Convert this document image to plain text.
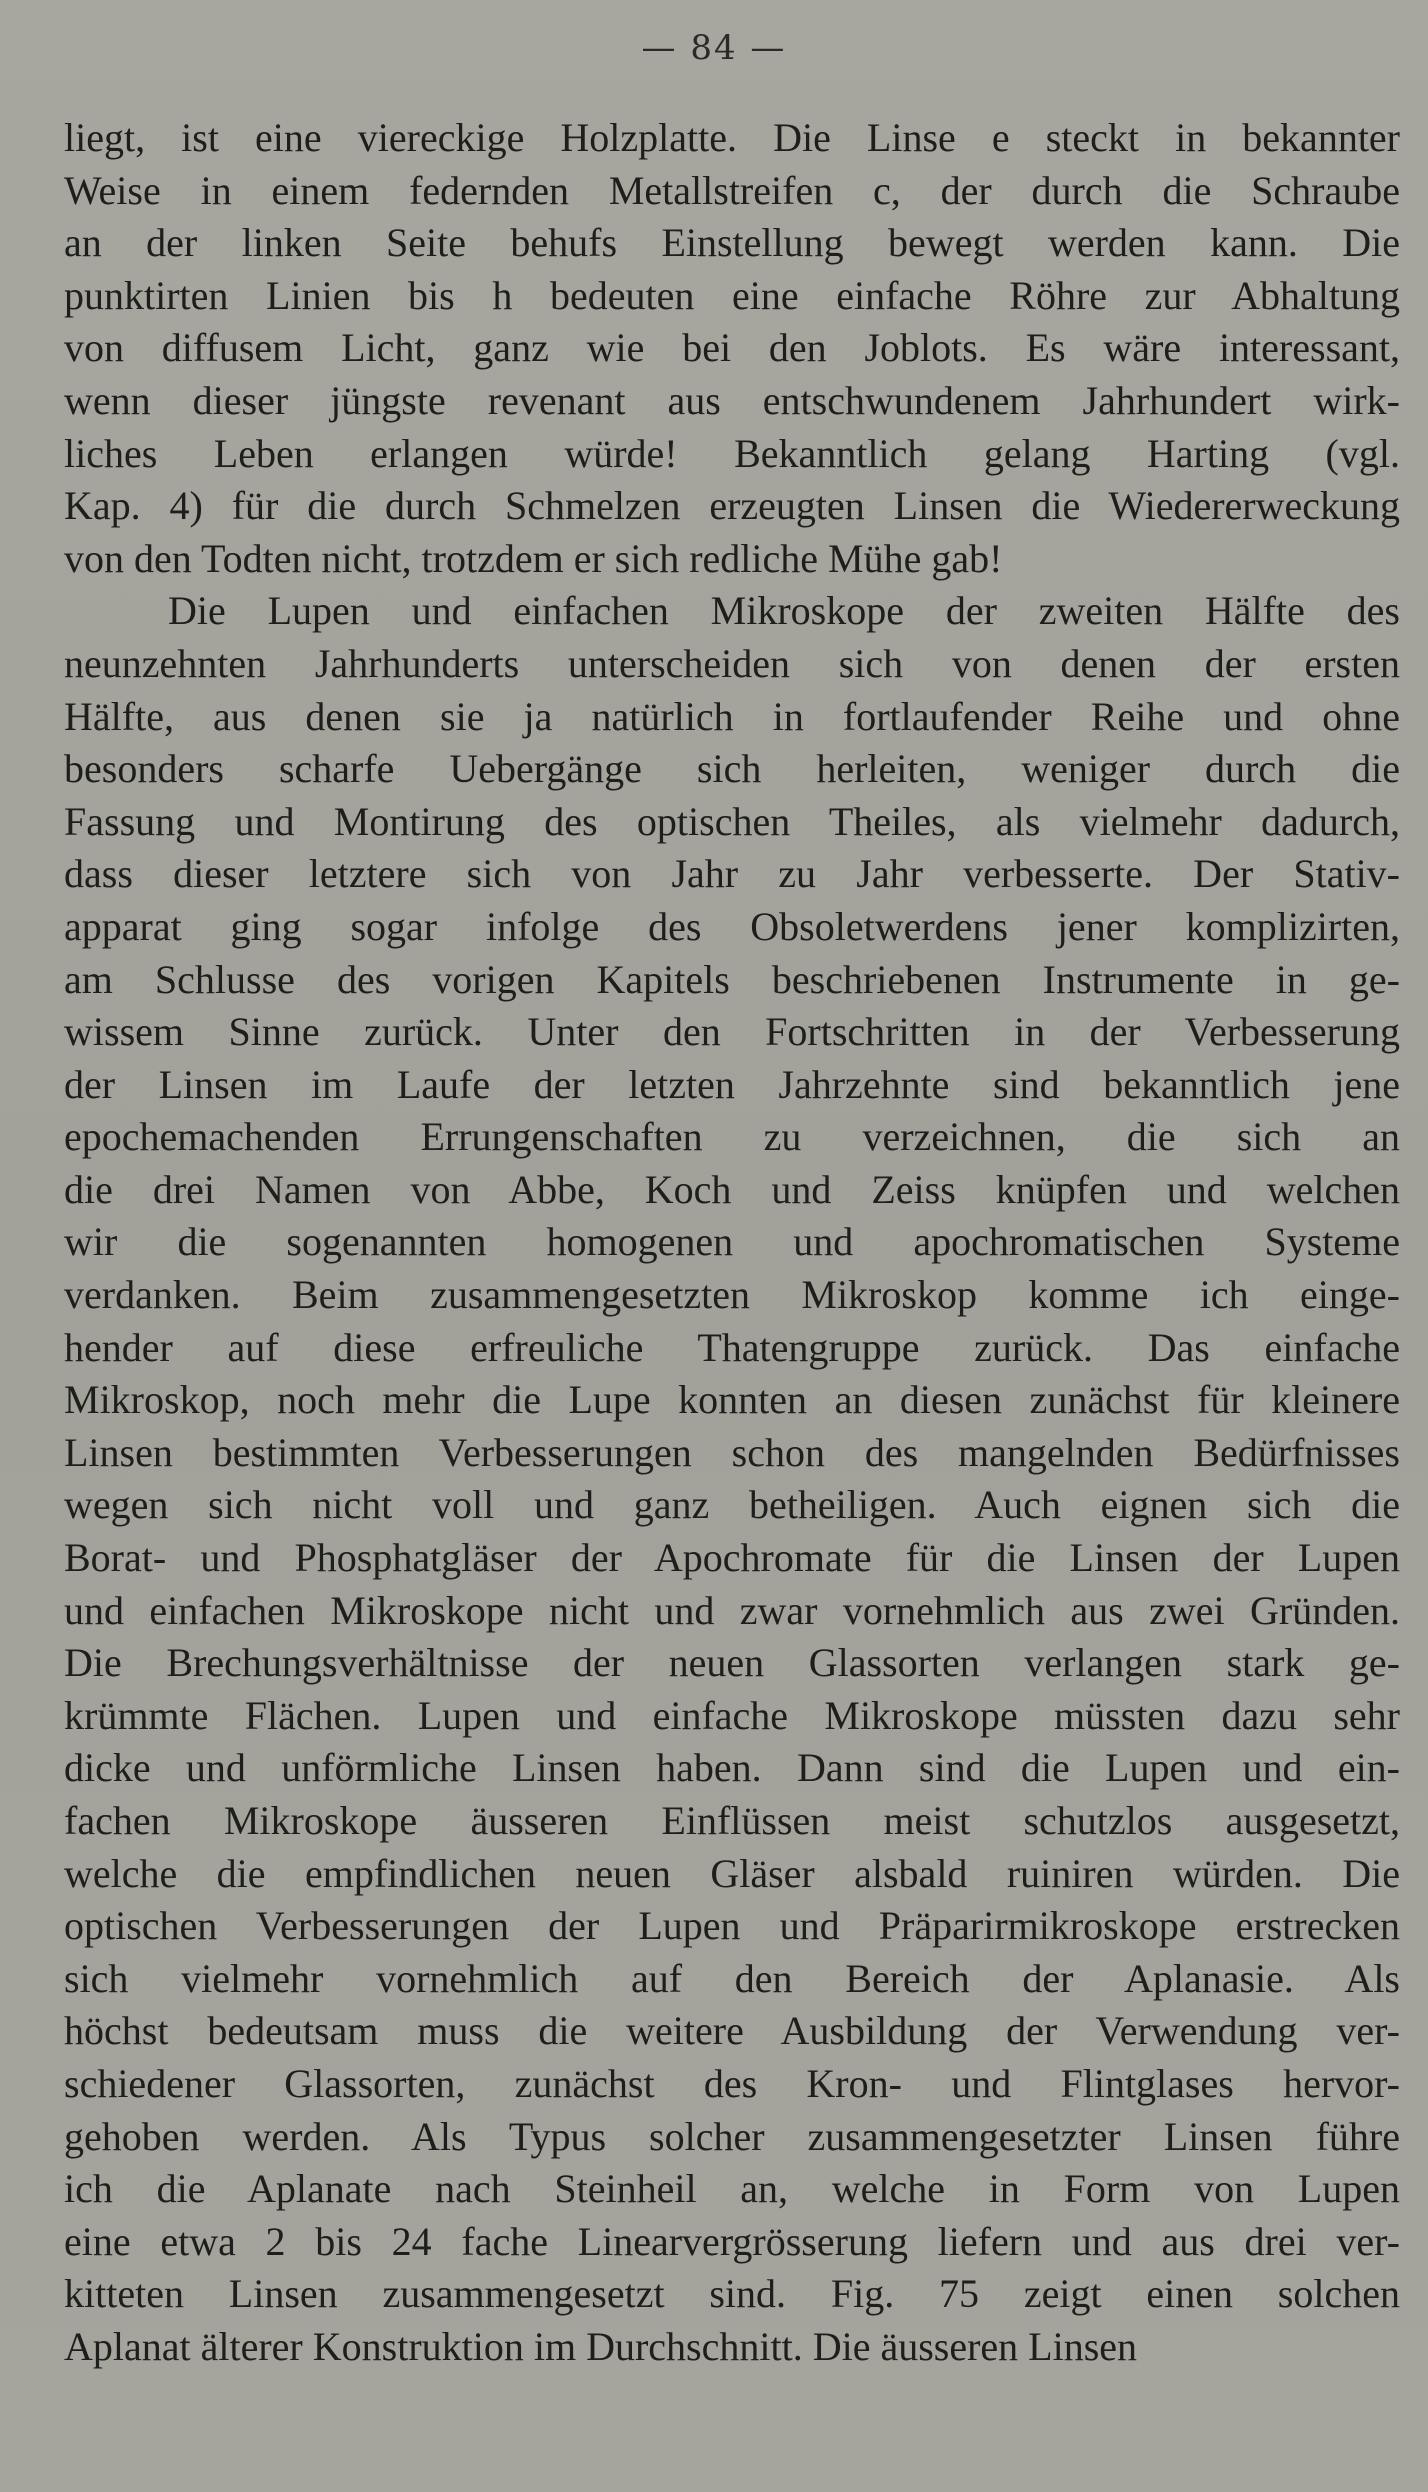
— 84 —
liegt, ist eine viereckige Holzplatte. Die Linse e steckt in bekannter
Weise in einem federnden Metallstreifen c, der durch die Schraube
an der linken Seite behufs Einstellung bewegt werden kann. Die
punktirten Linien bis h bedeuten eine einfache Röhre zur Abhaltung
von diffusem Licht, ganz wie bei den Joblots. Es wäre interessant,
wenn dieser jüngste revenant aus entschwundenem Jahrhundert wirk-
liches Leben erlangen würde! Bekanntlich gelang Harting (vgl.
Kap. 4) für die durch Schmelzen erzeugten Linsen die Wiedererweckung
von den Todten nicht, trotzdem er sich redliche Mühe gab!
Die Lupen und einfachen Mikroskope der zweiten Hälfte des
neunzehnten Jahrhunderts unterscheiden sich von denen der ersten
Hälfte, aus denen sie ja natürlich in fortlaufender Reihe und ohne
besonders scharfe Uebergänge sich herleiten, weniger durch die
Fassung und Montirung des optischen Theiles, als vielmehr dadurch,
dass dieser letztere sich von Jahr zu Jahr verbesserte. Der Stativ-
apparat ging sogar infolge des Obsoletwerdens jener komplizirten,
am Schlusse des vorigen Kapitels beschriebenen Instrumente in ge-
wissem Sinne zurück. Unter den Fortschritten in der Verbesserung
der Linsen im Laufe der letzten Jahrzehnte sind bekanntlich jene
epochemachenden Errungenschaften zu verzeichnen, die sich an
die drei Namen von Abbe, Koch und Zeiss knüpfen und welchen
wir die sogenannten homogenen und apochromatischen Systeme
verdanken. Beim zusammengesetzten Mikroskop komme ich einge-
hender auf diese erfreuliche Thatengruppe zurück. Das einfache
Mikroskop, noch mehr die Lupe konnten an diesen zunächst für kleinere
Linsen bestimmten Verbesserungen schon des mangelnden Bedürfnisses
wegen sich nicht voll und ganz betheiligen. Auch eignen sich die
Borat- und Phosphatgläser der Apochromate für die Linsen der Lupen
und einfachen Mikroskope nicht und zwar vornehmlich aus zwei Gründen.
Die Brechungsverhältnisse der neuen Glassorten verlangen stark ge-
krümmte Flächen. Lupen und einfache Mikroskope müssten dazu sehr
dicke und unförmliche Linsen haben. Dann sind die Lupen und ein-
fachen Mikroskope äusseren Einflüssen meist schutzlos ausgesetzt,
welche die empfindlichen neuen Gläser alsbald ruiniren würden. Die
optischen Verbesserungen der Lupen und Präparirmikroskope erstrecken
sich vielmehr vornehmlich auf den Bereich der Aplanasie. Als
höchst bedeutsam muss die weitere Ausbildung der Verwendung ver-
schiedener Glassorten, zunächst des Kron- und Flintglases hervor-
gehoben werden. Als Typus solcher zusammengesetzter Linsen führe
ich die Aplanate nach Steinheil an, welche in Form von Lupen
eine etwa 2 bis 24 fache Linearvergrösserung liefern und aus drei ver-
kitteten Linsen zusammengesetzt sind. Fig. 75 zeigt einen solchen
Aplanat älterer Konstruktion im Durchschnitt. Die äusseren Linsen
